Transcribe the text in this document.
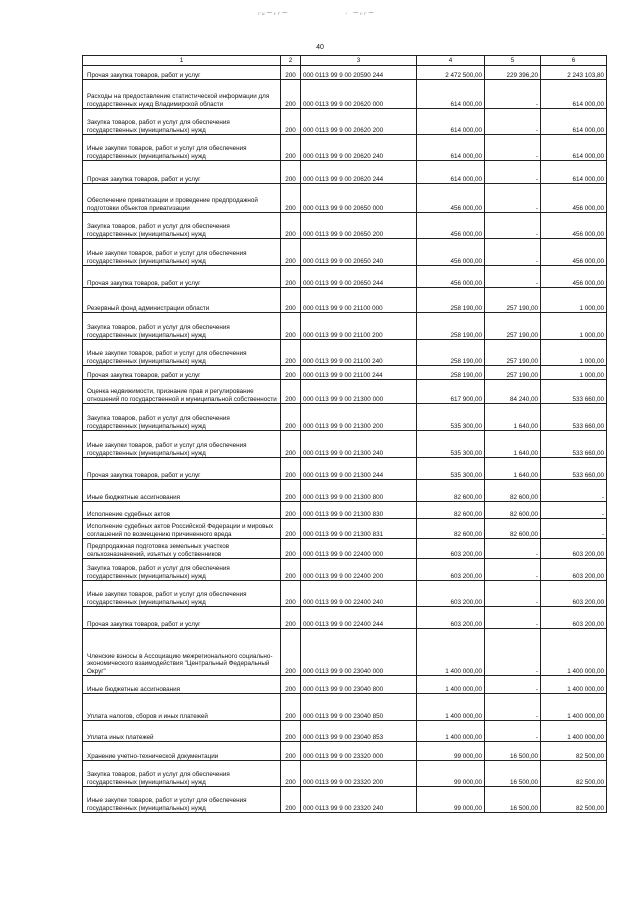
ᵣᵤ~ᵥᵣ~	˴ ~ᵥᵣ~
40
1	2	3	4	5	6
Прочая закупка товаров, работ и услуг	200	000 0113 99 9 00 20590 244	2 472 500,00	229 396,20	2 243 103,80
Расходы на предоставление статистической информации для государственных нужд Владимирской области	200	000 0113 99 9 00 20620 000	614 000,00	-	614 000,00
Закупка товаров, работ и услуг для обеспечения государственных (муниципальных) нужд	200	000 0113 99 9 00 20620 200	614 000,00	-	614 000,00
Иные закупки товаров, работ и услуг для обеспечения государственных (муниципальных) нужд	200	000 0113 99 9 00 20620 240	614 000,00	-	614 000,00
Прочая закупка товаров, работ и услуг	200	000 0113 99 9 00 20620 244	614 000,00	-	614 000,00
Обеспечение приватизации и проведение предпродажной подготовки объектов приватизации	200	000 0113 99 9 00 20650 000	456 000,00	-	456 000,00
Закупка товаров, работ и услуг для обеспечения государственных (муниципальных) нужд	200	000 0113 99 9 00 20650 200	456 000,00	-	456 000,00
Иные закупки товаров, работ и услуг для обеспечения государственных (муниципальных) нужд	200	000 0113 99 9 00 20650 240	456 000,00	-	456 000,00
Прочая закупка товаров, работ и услуг	200	000 0113 99 9 00 20650 244	456 000,00	-	456 000,00
Резервный фонд администрации области	200	000 0113 99 9 00 21100 000	258 190,00	257 190,00	1 000,00
Закупка товаров, работ и услуг для обеспечения государственных (муниципальных) нужд	200	000 0113 99 9 00 21100 200	258 190,00	257 190,00	1 000,00
Иные закупки товаров, работ и услуг для обеспечения государственных (муниципальных) нужд	200	000 0113 99 9 00 21100 240	258 190,00	257 190,00	1 000,00
Прочая закупка товаров, работ и услуг	200	000 0113 99 9 00 21100 244	258 190,00	257 190,00	1 000,00
Оценка недвижимости, признание прав и регулирование отношений по государственной и муниципальной собственности	200	000 0113 99 9 00 21300 000	617 900,00	84 240,00	533 660,00
Закупка товаров, работ и услуг для обеспечения государственных (муниципальных) нужд	200	000 0113 99 9 00 21300 200	535 300,00	1 640,00	533 660,00
Иные закупки товаров, работ и услуг для обеспечения государственных (муниципальных) нужд	200	000 0113 99 9 00 21300 240	535 300,00	1 640,00	533 660,00
Прочая закупка товаров, работ и услуг	200	000 0113 99 9 00 21300 244	535 300,00	1 640,00	533 660,00
Иные бюджетные ассигнования	200	000 0113 99 9 00 21300 800	82 600,00	82 600,00	-
Исполнение судебных актов	200	000 0113 99 9 00 21300 830	82 600,00	82 600,00	-
Исполнение судебных актов Российской Федерации и мировых соглашений по возмещению причиненного вреда	200	000 0113 99 9 00 21300 831	82 600,00	82 600,00	-
Предпродажная подготовка земельных участков сельхозназначений, изъятых у собственников	200	000 0113 99 9 00 22400 000	603 200,00	-	603 200,00
Закупка товаров, работ и услуг для обеспечения государственных (муниципальных) нужд	200	000 0113 99 9 00 22400 200	603 200,00	-	603 200,00
Иные закупки товаров, работ и услуг для обеспечения государственных (муниципальных) нужд	200	000 0113 99 9 00 22400 240	603 200,00	-	603 200,00
Прочая закупка товаров, работ и услуг	200	000 0113 99 9 00 22400 244	603 200,00	-	603 200,00
Членские взносы в Ассоциацию межрегионального социально-экономического взаимодействия "Центральный Федеральный Округ"	200	000 0113 99 9 00 23040 000	1 400 000,00	-	1 400 000,00
Иные бюджетные ассигнования	200	000 0113 99 9 00 23040 800	1 400 000,00	-	1 400 000,00
Уплата налогов, сборов и иных платежей	200	000 0113 99 9 00 23040 850	1 400 000,00	-	1 400 000,00
Уплата иных платежей	200	000 0113 99 9 00 23040 853	1 400 000,00	-	1 400 000,00
Хранение учетно-технической документации	200	000 0113 99 9 00 23320 000	99 000,00	16 500,00	82 500,00
Закупка товаров, работ и услуг для обеспечения государственных (муниципальных) нужд	200	000 0113 99 9 00 23320 200	99 000,00	16 500,00	82 500,00
Иные закупки товаров, работ и услуг для обеспечения государственных (муниципальных) нужд	200	000 0113 99 9 00 23320 240	99 000,00	16 500,00	82 500,00
